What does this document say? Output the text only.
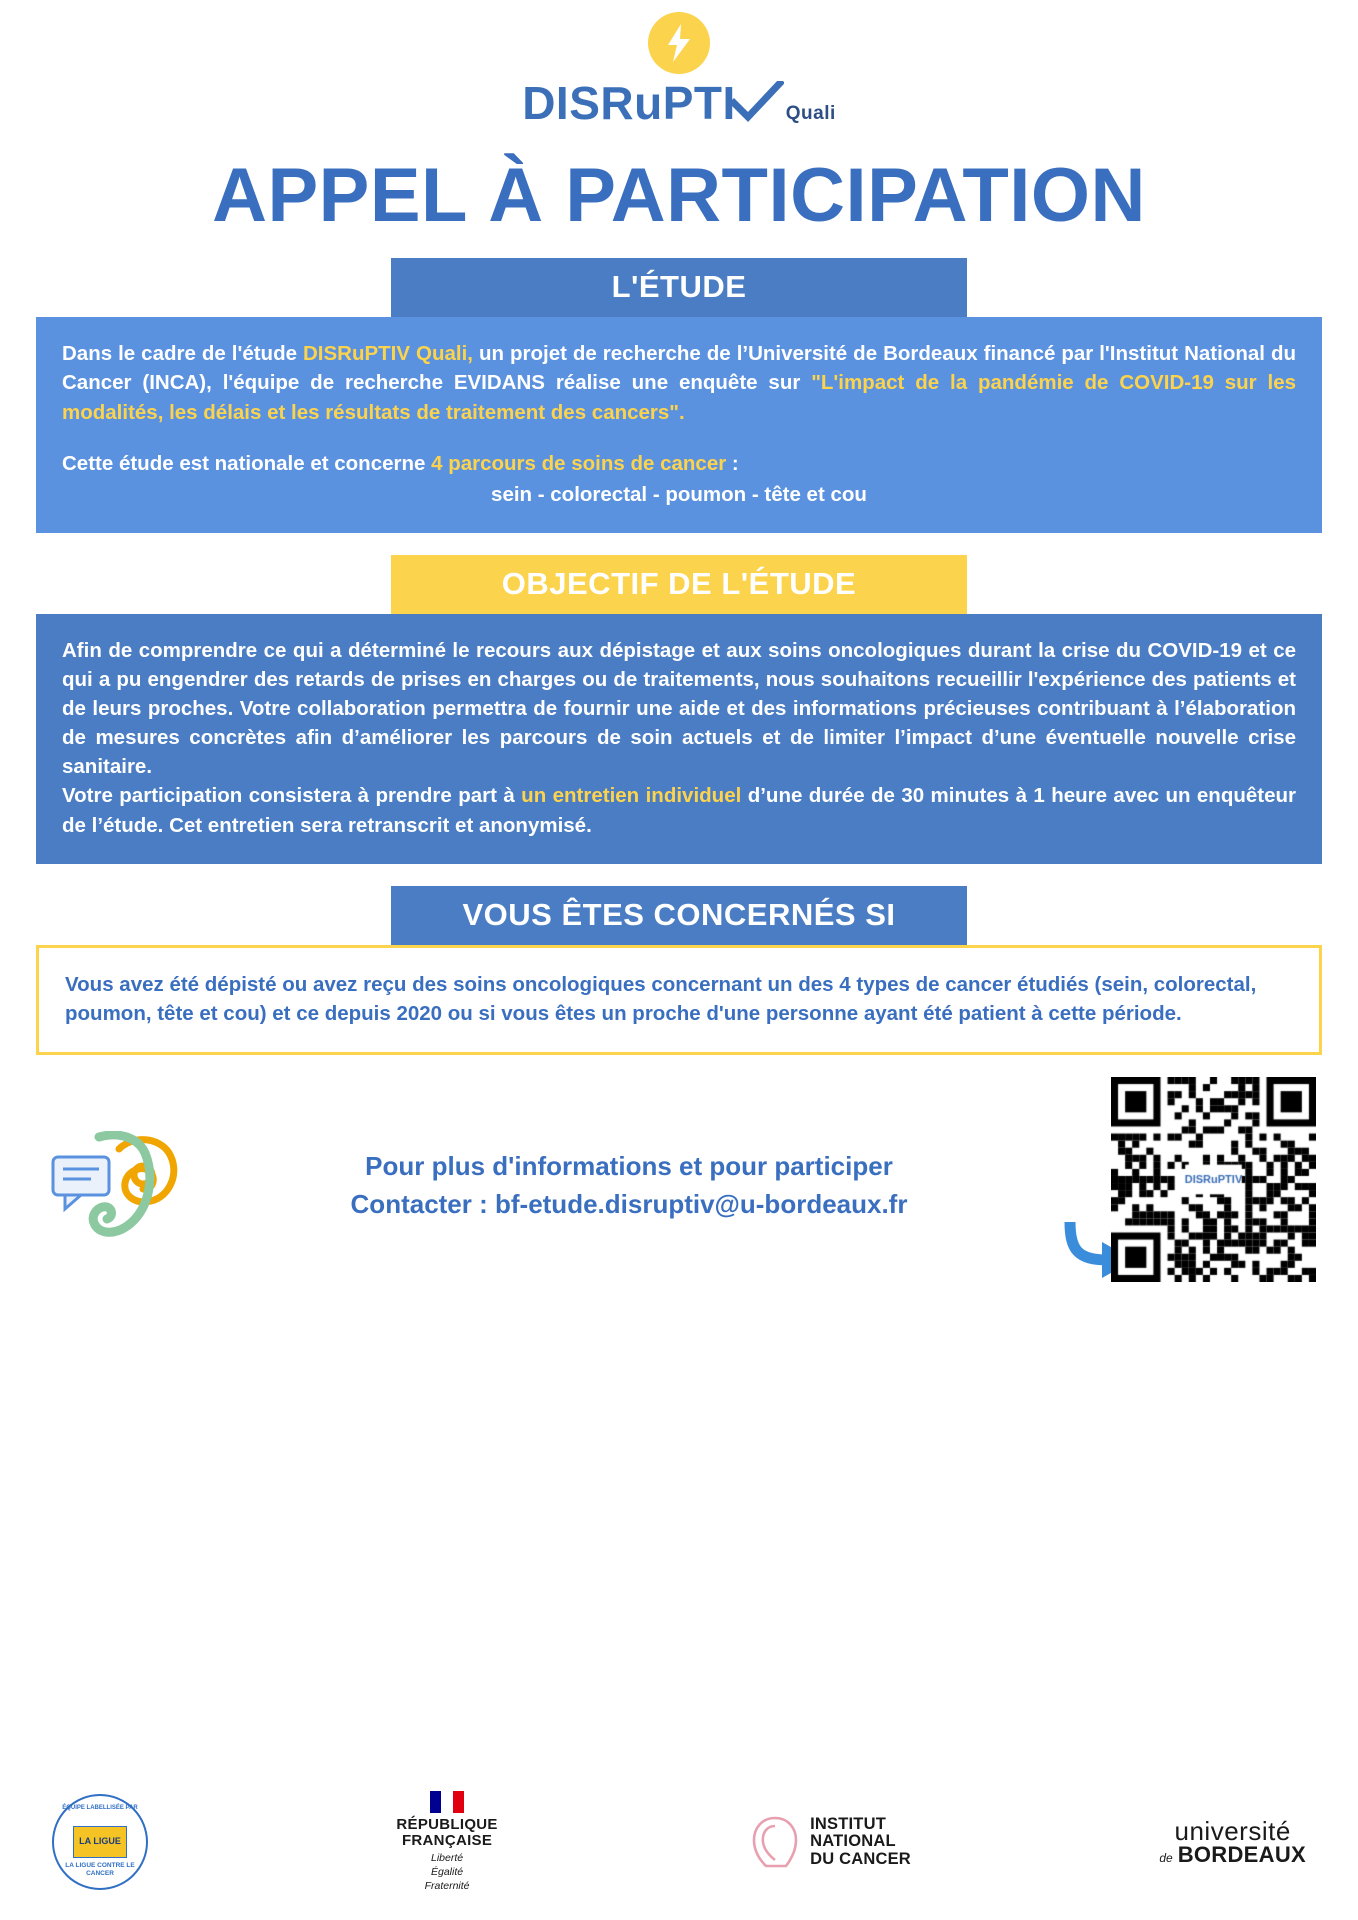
DISRuPTI	Quali
APPEL À PARTICIPATION
L'ÉTUDE
Dans le cadre de l'étude DISRuPTIV Quali, un projet de recherche de l’Université de Bordeaux financé par l'Institut National du Cancer (INCA), l'équipe de recherche EVIDANS réalise une enquête sur "L'impact de la pandémie de COVID-19 sur les modalités, les délais et les résultats de traitement des cancers".
Cette étude est nationale et concerne 4 parcours de soins de cancer :
sein - colorectal - poumon - tête et cou
OBJECTIF DE L'ÉTUDE
Afin de comprendre ce qui a déterminé le recours aux dépistage et aux soins oncologiques durant la crise du COVID-19 et ce qui a pu engendrer des retards de prises en charges ou de traitements, nous souhaitons recueillir l'expérience des patients et de leurs proches. Votre collaboration permettra de fournir une aide et des informations précieuses contribuant à l’élaboration de mesures concrètes afin d’améliorer les parcours de soin actuels et de limiter l’impact d’une éventuelle nouvelle crise sanitaire.
Votre participation consistera à prendre part à un entretien individuel d’une durée de 30 minutes à 1 heure avec un enquêteur de l’étude. Cet entretien sera retranscrit et anonymisé.
VOUS ÊTES CONCERNÉS SI
Vous avez été dépisté ou avez reçu des soins oncologiques concernant un des 4 types de cancer étudiés (sein, colorectal, poumon, tête et cou) et ce depuis 2020 ou si vous êtes un proche d'une personne ayant été patient à cette période.
Pour plus d'informations et pour participer
Contacter : bf-etude.disruptiv@u-bordeaux.fr
ÉQUIPE LABELLISÉE PAR
LA LIGUE
LA LIGUE CONTRE LE CANCER
RÉPUBLIQUE
FRANÇAISE
Liberté
Égalité
Fraternité
INSTITUT
NATIONAL
DU CANCER
université
de BORDEAUX
